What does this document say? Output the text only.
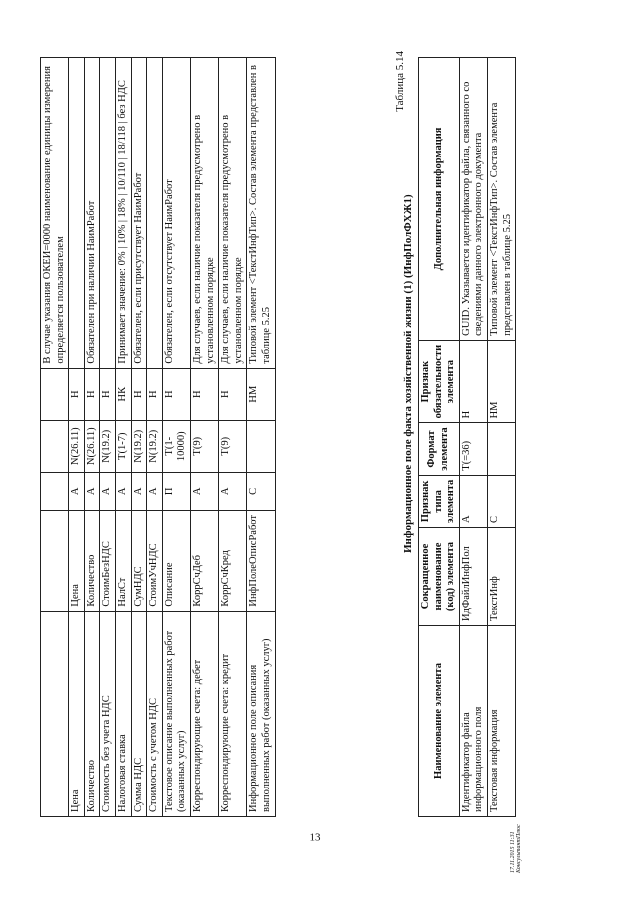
13
					В случае указания ОКЕИ=0000 наименование единицы измерения определяется пользователем
Цена	Цена	А	N(26.11)	Н	
Количество	Количество	А	N(26.11)	Н	Обязателен при наличии НаимРабот
Стоимость без учета НДС	СтоимБезНДС	А	N(19.2)	Н	
Налоговая ставка	НалСт	А	T(1-7)	НК	Принимает значение: 0% | 10% | 18% | 10/110 | 18/118 | без НДС
Сумма НДС	СумНДС	А	N(19.2)	Н	Обязателен, если присутствует НаимРабот
Стоимость с учетом НДС	СтоимУчНДС	А	N(19.2)	Н	
Текстовое описание выполненных работ (оказанных услуг)	Описание	П	T(1-10000)	Н	Обязателен, если отсутствует НаимРабот
Корреспондирующие счета: дебет	КоррСчДеб	А	T(9)	Н	Для случаев, если наличие показателя предусмотрено в установленном порядке
Корреспондирующие счета: кредит	КоррСчКред	А	T(9)	Н	Для случаев, если наличие показателя предусмотрено в установленном порядке
Информационное поле описания выполненных работ (оказанных услуг)	ИнфПолеОписРабот	С		НМ	Типовой элемент <ТекстИнфТип>. Состав элемента представлен в таблице 5.25
Таблица 5.14
Информационное поле факта хозяйственной жизни (1) (ИнфПолФХЖ1)
Наименование элемента	Сокращенное наименование (код) элемента	Признак типа элемента	Формат элемента	Признак обязательности элемента	Дополнительная информация
Идентификатор файла информационного поля	ИдФайлИнфПол	А	T(=36)	Н	GUID. Указывается идентификатор файла, связанного со сведениями данного электронного документа
Текстовая информация	ТекстИнф	С		НМ	Типовой элемент <ТекстИнфТип>. Состав элемента представлен в таблице 5.25
17.11.2015 11:31 КонсультантПлюс
